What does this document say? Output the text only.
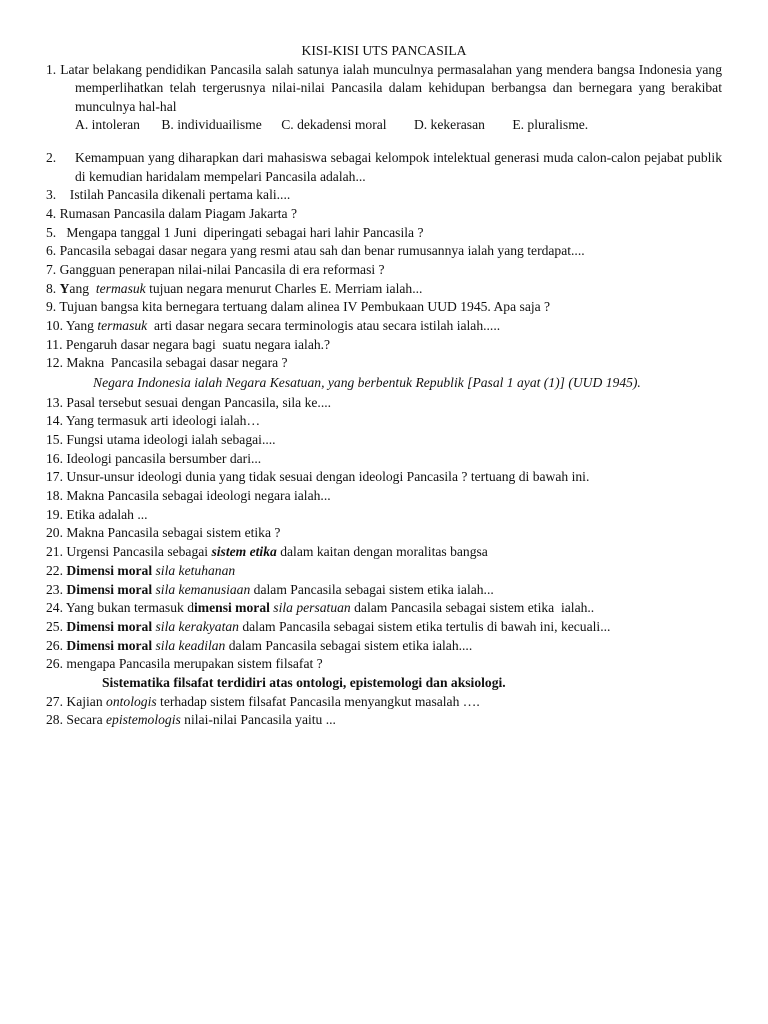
KISI-KISI UTS PANCASILA

1. Latar belakang pendidikan Pancasila salah satunya ialah munculnya permasalahan yang mendera bangsa Indonesia yang memperlihatkan telah tergerusnya nilai-nilai Pancasila dalam kehidupan berbangsa dan bernegara yang berakibat munculnya hal-hal

A. intoleran B. individuailisme C. dekadensi moral D. kekerasan E. pluralisme.

2. Kemampuan yang diharapkan dari mahasiswa sebagai kelompok intelektual generasi muda calon-calon pejabat publik di kemudian haridalam mempelari Pancasila adalah...

3.    Istilah Pancasila dikenali pertama kali....
4. Rumasan Pancasila dalam Piagam Jakarta ?
5.   Mengapa tanggal 1 Juni  diperingati sebagai hari lahir Pancasila ?
6. Pancasila sebagai dasar negara yang resmi atau sah dan benar rumusannya ialah yang terdapat....
7. Gangguan penerapan nilai-nilai Pancasila di era reformasi ?
8. Yang  termasuk tujuan negara menurut Charles E. Merriam ialah...
9. Tujuan bangsa kita bernegara tertuang dalam alinea IV Pembukaan UUD 1945. Apa saja ?
10. Yang termasuk  arti dasar negara secara terminologis atau secara istilah ialah.....
11. Pengaruh dasar negara bagi  suatu negara ialah.?
12. Makna  Pancasila sebagai dasar negara ?
Negara Indonesia ialah Negara Kesatuan, yang berbentuk Republik [Pasal 1 ayat (1)] (UUD 1945).
13. Pasal tersebut sesuai dengan Pancasila, sila ke....
14. Yang termasuk arti ideologi ialah…
15. Fungsi utama ideologi ialah sebagai....
16. Ideologi pancasila bersumber dari...
17. Unsur-unsur ideologi dunia yang tidak sesuai dengan ideologi Pancasila ? tertuang di bawah ini.
18. Makna Pancasila sebagai ideologi negara ialah...
19. Etika adalah ...
20. Makna Pancasila sebagai sistem etika ?
21. Urgensi Pancasila sebagai sistem etika dalam kaitan dengan moralitas bangsa
22. Dimensi moral sila ketuhanan
23. Dimensi moral sila kemanusiaan dalam Pancasila sebagai sistem etika ialah...
24. Yang bukan termasuk dimensi moral sila persatuan dalam Pancasila sebagai sistem etika  ialah..
25. Dimensi moral sila kerakyatan dalam Pancasila sebagai sistem etika tertulis di bawah ini, kecuali...
26. Dimensi moral sila keadilan dalam Pancasila sebagai sistem etika ialah....
26. mengapa Pancasila merupakan sistem filsafat ?
Sistematika filsafat terdidiri atas ontologi, epistemologi dan aksiologi.
27. Kajian ontologis terhadap sistem filsafat Pancasila menyangkut masalah ….
28. Secara epistemologis nilai-nilai Pancasila yaitu ...
